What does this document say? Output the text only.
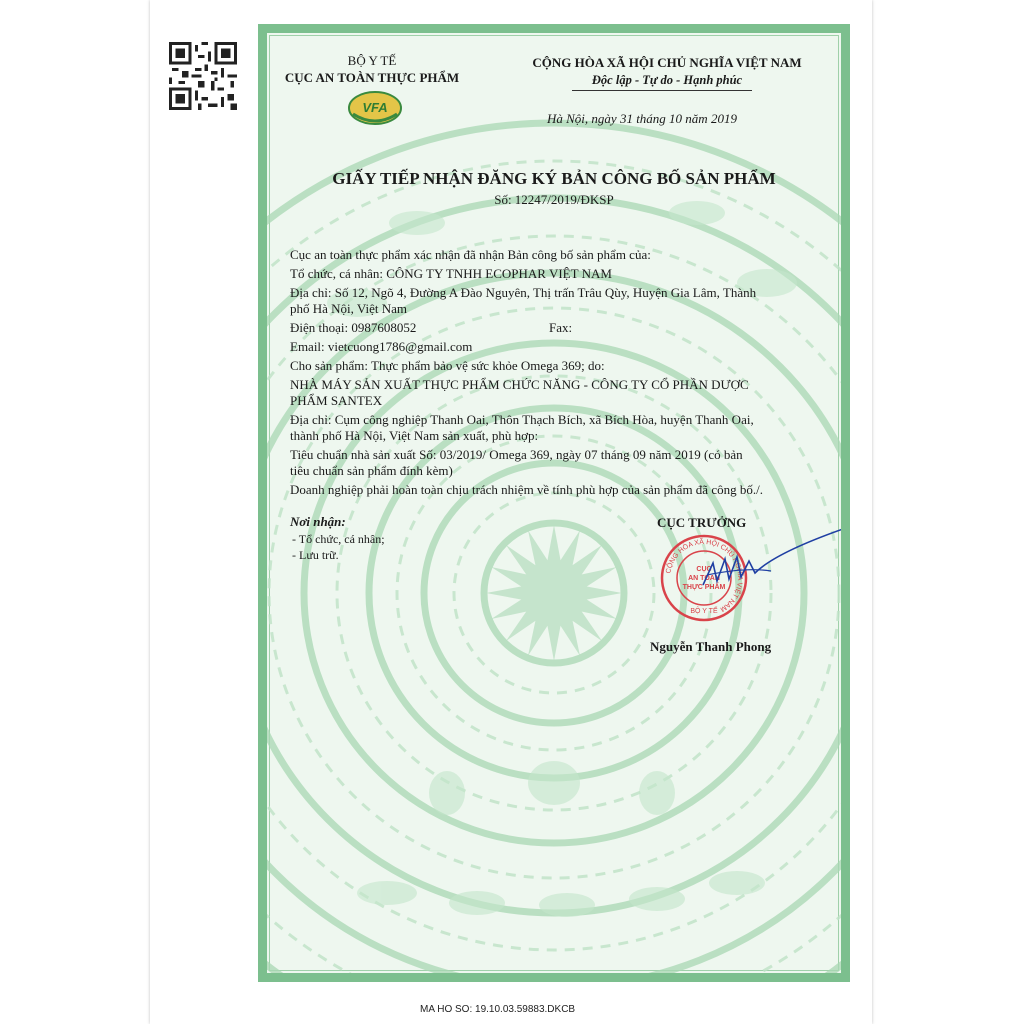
BỘ Y TẾ
CỤC AN TOÀN THỰC PHẨM
VFA
CỘNG HÒA XÃ HỘI CHỦ NGHĨA VIỆT NAM
Độc lập - Tự do - Hạnh phúc
Hà Nội, ngày 31 tháng 10 năm 2019
GIẤY TIẾP NHẬN ĐĂNG KÝ BẢN CÔNG BỐ SẢN PHẨM
Số: 12247/2019/ĐKSP
Cục an toàn thực phẩm xác nhận đã nhận Bản công bố sản phẩm của:
Tổ chức, cá nhân: CÔNG TY TNHH ECOPHAR VIỆT NAM
Địa chỉ: Số 12, Ngõ 4, Đường A Đào Nguyên, Thị trấn Trâu Qùy, Huyện Gia Lâm, Thành
phố Hà Nội, Việt Nam
Điện thoại: 0987608052	Fax:
Email: vietcuong1786@gmail.com
Cho sản phẩm: Thực phẩm bảo vệ sức khỏe Omega 369; do:
NHÀ MÁY SẢN XUẤT THỰC PHẨM CHỨC NĂNG - CÔNG TY CỔ PHẦN DƯỢC
PHẨM SANTEX
Địa chỉ: Cụm công nghiệp Thanh Oai, Thôn Thạch Bích, xã Bích Hòa, huyện Thanh Oai,
thành phố Hà Nội, Việt Nam sản xuất, phù hợp:
Tiêu chuẩn nhà sản xuất Số: 03/2019/ Omega 369, ngày 07 tháng 09 năm 2019 (có bản
tiêu chuẩn sản phẩm đính kèm)
Doanh nghiệp phải hoàn toàn chịu trách nhiệm về tính phù hợp của sản phẩm đã công bố./.
Nơi nhận:
- Tổ chức, cá nhân;
- Lưu trữ.
CỤC TRƯỞNG
CỘNG HÒA XÃ HỘI CHỦ NGHĨA VIỆT NAM
CỤC
AN TOÀN
THỰC PHẨM
BỘ Y TẾ
Nguyễn Thanh Phong
MA HO SO: 19.10.03.59883.DKCB
